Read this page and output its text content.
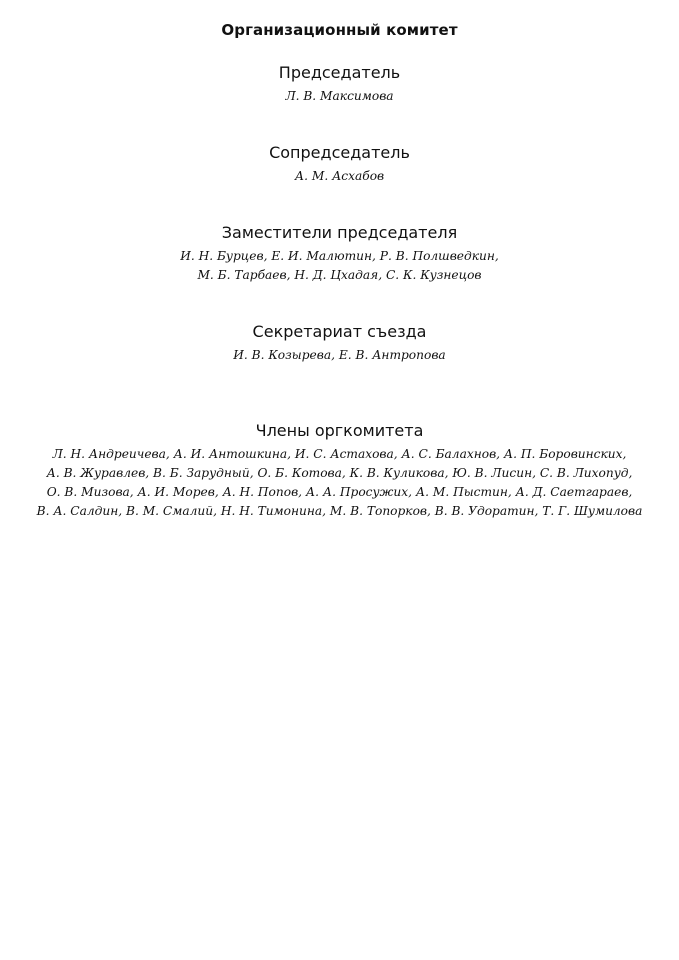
Организационный комитет
Председатель
Л. В. Максимова
Сопредседатель
А. М. Асхабов
Заместители председателя
И. Н. Бурцев, Е. И. Малютин, Р. В. Полшведкин,
М. Б. Тарбаев, Н. Д. Цхадая, С. К. Кузнецов
Секретариат съезда
И. В. Козырева, Е. В. Антропова
Члены оргкомитета
Л. Н. Андреичева, А. И. Антошкина, И. С. Астахова, А. С. Балахнов, А. П. Боровинских,
А. В. Журавлев, В. Б. Зарудный, О. Б. Котова, К. В. Куликова, Ю. В. Лисин, С. В. Лихопуд,
О. В. Мизова, А. И. Морев, А. Н. Попов, А. А. Просужих, А. М. Пыстин, А. Д. Саетгараев,
В. А. Салдин, В. М. Смалий, Н. Н. Тимонина, М. В. Топорков, В. В. Удоратин, Т. Г. Шумилова
